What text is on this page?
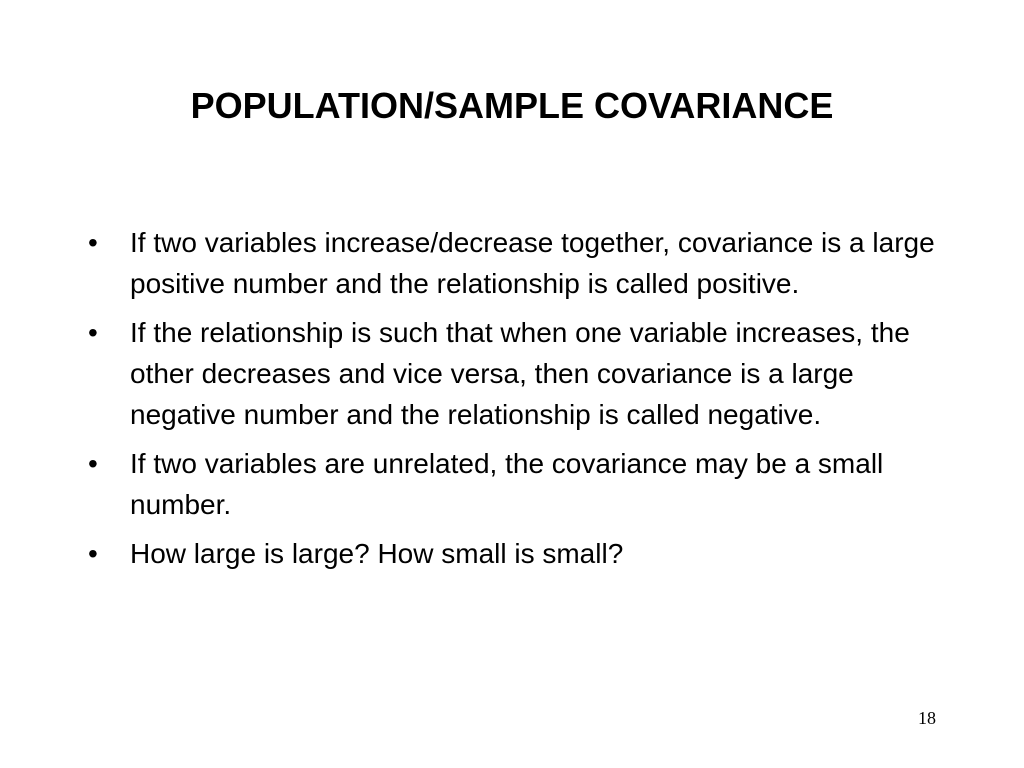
POPULATION/SAMPLE COVARIANCE
•	If two variables increase/decrease together, covariance is a large positive number and the relationship is called positive.
•	If the relationship is such that when one variable increases, the other decreases and vice versa, then covariance is a large negative number and the relationship is called negative.
•	If two variables are unrelated, the covariance may be a small number.
•	How large is large? How small is small?
18
